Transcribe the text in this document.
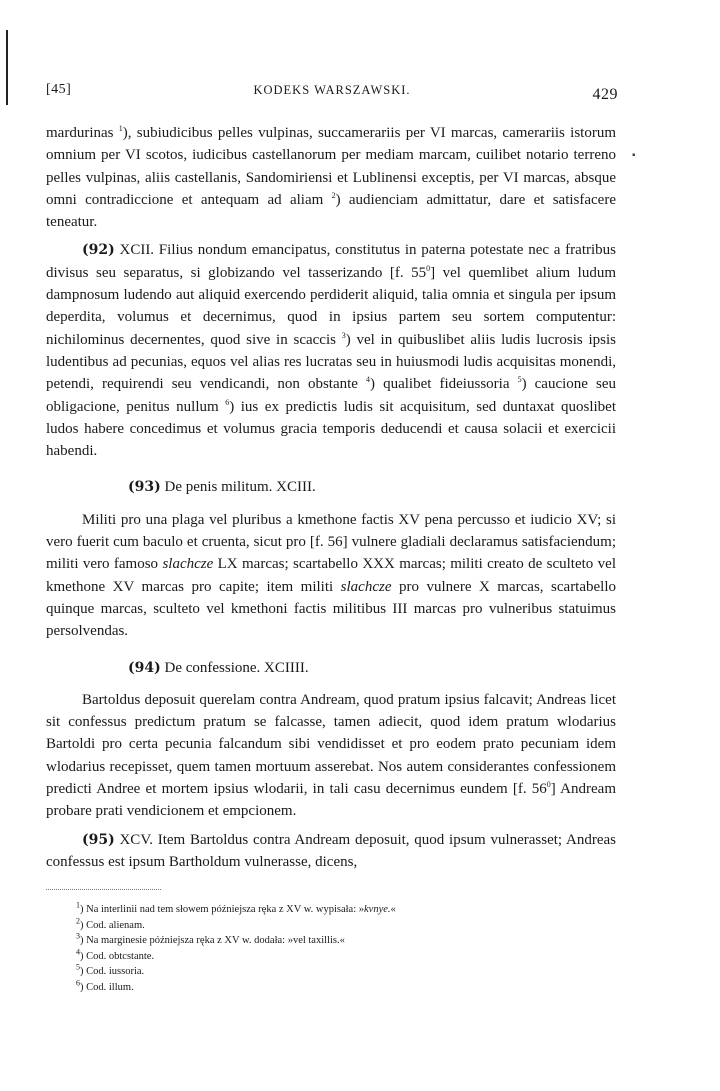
▪
[45]	KODEKS WARSZAWSKI.	429

mardurinas $^1$), subiudicibus pelles vulpinas, succamerariis per VI marcas, camerariis istorum omnium per VI scotos, iudicibus castellanorum per mediam marcam, cuilibet notario terreno pelles vulpinas, aliis castellanis, Sandomiriensi et Lublinensi exceptis, per VI marcas, absque omni contradiccione et antequam ad aliam $^2$) audienciam admittatur, dare et satisfacere teneatur.

(92) XCII. Filius nondum emancipatus, constitutus in paterna potestate nec a fratribus divisus seu separatus, si globizando vel tasserizando [f. $55^0$] vel quemlibet alium ludum dampnosum ludendo aut aliquid exercendo perdiderit aliquid, talia omnia et singula per ipsum deperdita, volumus et decernimus, quod in ipsius partem seu sortem computentur: nichilominus decernentes, quod sive in scaccis $^3$) vel in quibuslibet aliis ludis lucrosis ipsis ludentibus ad pecunias, equos vel alias res lucratas seu in huiusmodi ludis acquisitas monendi, petendi, requirendi seu vendicandi, non obstante $^4$) qualibet fideiussoria $^5$) caucione seu obligacione, penitus nullum $^6$) ius ex predictis ludis sit acquisitum, sed duntaxat quoslibet ludos habere concedimus et volumus gracia temporis deducendi et causa solacii et exercicii habendi.

(93) De penis militum. XCIII.

Militi pro una plaga vel pluribus a kmethone factis XV pena percusso et iudicio XV; si vero fuerit cum baculo et cruenta, sicut pro [f. 56] vulnere gladiali declaramus satisfaciendum; militi vero famoso slachcze LX marcas; scartabello XXX marcas; militi creato de sculteto vel kmethone XV marcas pro capite; item militi slachcze pro vulnere X marcas, scartabello quinque marcas, sculteto vel kmethoni factis militibus III marcas pro vulneribus statuimus persolvendas.

(94) De confessione. XCIIII.

Bartoldus deposuit querelam contra Andream, quod pratum ipsius falcavit; Andreas licet sit confessus predictum pratum se falcasse, tamen adiecit, quod idem pratum wlodarius Bartoldi pro certa pecunia falcandum sibi vendidisset et pro eodem prato pecuniam idem wlodarius recepisset, quem tamen mortuum asserebat. Nos autem considerantes confessionem predicti Andree et mortem ipsius wlodarii, in tali casu decernimus eundem [f. $56^0$] Andream probare prati vendicionem et empcionem.

(95) XCV. Item Bartoldus contra Andream deposuit, quod ipsum vulnerasset; Andreas confessus est ipsum Bartholdum vulnerasse, dicens,

$^1$) Na interlinii nad tem słowem późniejsza ręka z XV w. wypisała: »kvnye.«

$^2$) Cod. alienam.

$^3$) Na marginesie późniejsza ręka z XV w. dodała: »vel taxillis.«

$^4$) Cod. obtcstante.

$^5$) Cod. iussoria.

$^6$) Cod. illum.
